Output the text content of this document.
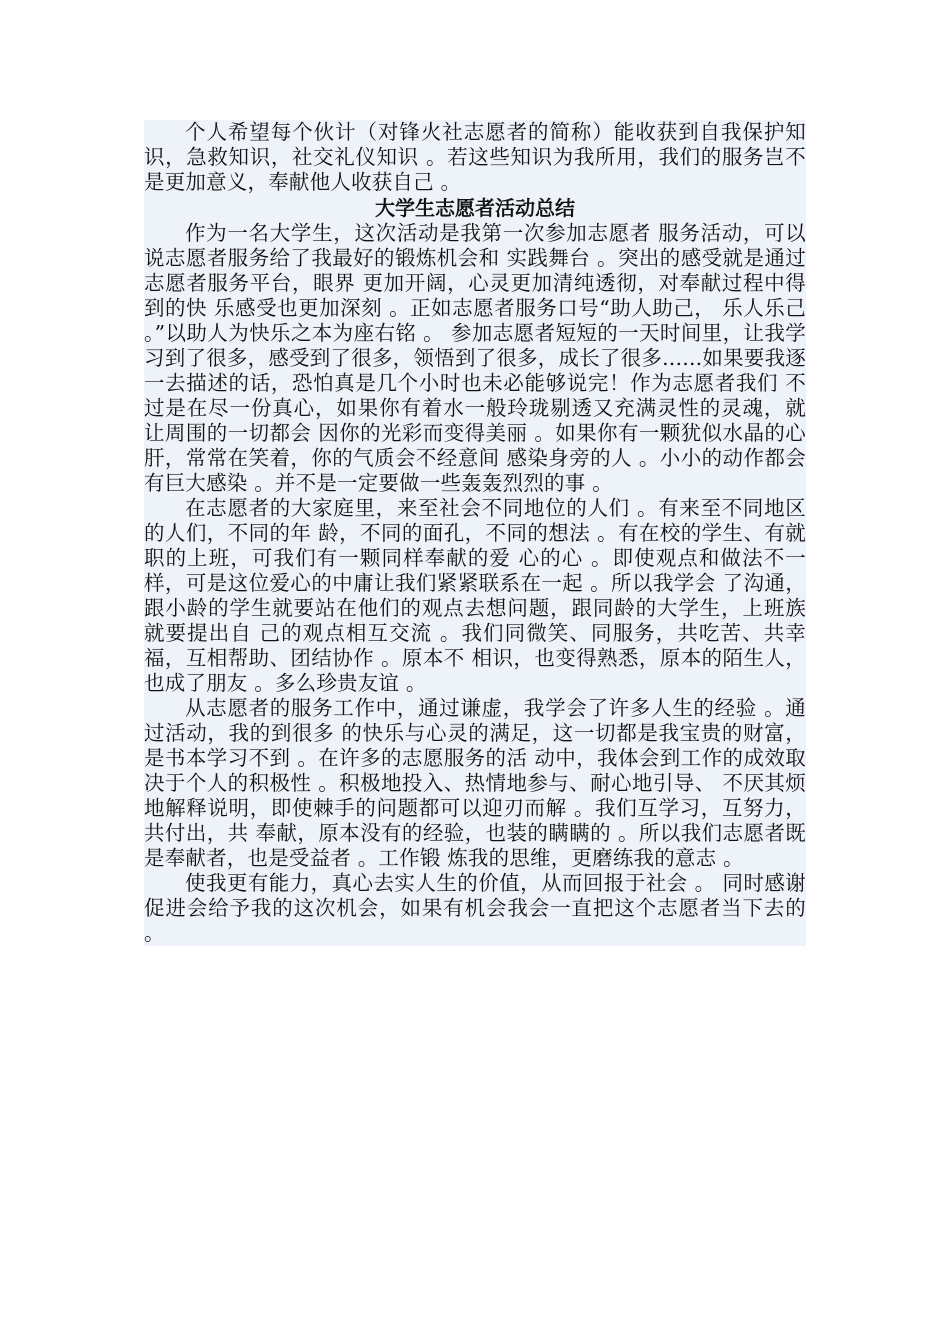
个人希望每个伙计（对锋火社志愿者的简称）能收获到自我保护知识，急救知识，社交礼仪知识 。若这些知识为我所用，我们的服务岂不是更加意义，奉献他人收获自己 。

大学生志愿者活动总结

作为一名大学生，这次活动是我第一次参加志愿者 服务活动，可以说志愿者服务给了我最好的锻炼机会和 实践舞台 。突出的感受就是通过志愿者服务平台，眼界 更加开阔，心灵更加清纯透彻，对奉献过程中得到的快 乐感受也更加深刻 。正如志愿者服务口号“助人助己， 乐人乐己 。”以助人为快乐之本为座右铭 。 参加志愿者短短的一天时间里，让我学习到了很多，感受到了很多，领悟到了很多，成长了很多......如果要我逐一去描述的话，恐怕真是几个小时也未必能够说完！作为志愿者我们 不过是在尽一份真心，如果你有着水一般玲珑剔透又充满灵性的灵魂，就让周围的一切都会 因你的光彩而变得美丽 。如果你有一颗犹似水晶的心肝，常常在笑着，你的气质会不经意间 感染身旁的人 。小小的动作都会有巨大感染 。并不是一定要做一些轰轰烈烈的事 。

在志愿者的大家庭里，来至社会不同地位的人们 。有来至不同地区的人们，不同的年 龄，不同的面孔，不同的想法 。有在校的学生、有就职的上班，可我们有一颗同样奉献的爱 心的心 。即使观点和做法不一样，可是这位爱心的中庸让我们紧紧联系在一起 。所以我学会 了沟通，跟小龄的学生就要站在他们的观点去想问题，跟同龄的大学生，上班族就要提出自 己的观点相互交流 。我们同微笑、同服务，共吃苦、共幸福，互相帮助、团结协作 。原本不 相识，也变得熟悉，原本的陌生人，也成了朋友 。多么珍贵友谊 。

从志愿者的服务工作中，通过谦虚，我学会了许多人生的经验 。通过活动，我的到很多 的快乐与心灵的满足，这一切都是我宝贵的财富，是书本学习不到 。在许多的志愿服务的活 动中，我体会到工作的成效取决于个人的积极性 。积极地投入、热情地参与、耐心地引导、 不厌其烦地解释说明，即使棘手的问题都可以迎刃而解 。我们互学习，互努力，共付出，共 奉献，原本没有的经验，也装的瞒瞒的 。所以我们志愿者既是奉献者，也是受益者 。工作锻 炼我的思维，更磨练我的意志 。

使我更有能力，真心去实人生的价值，从而回报于社会 。 同时感谢促进会给予我的这次机会，如果有机会我会一直把这个志愿者当下去的 。
